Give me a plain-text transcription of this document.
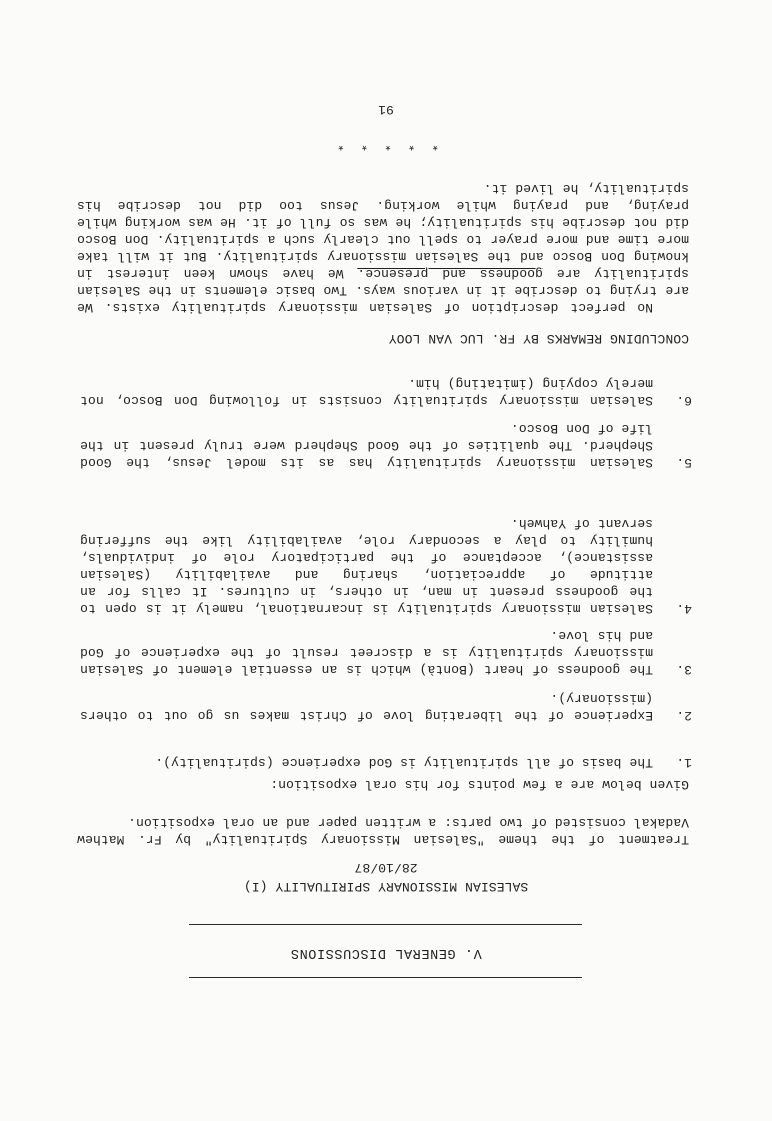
V. GENERAL DISCUSSIONS
SALESIAN MISSIONARY SPIRITUALITY (I)
28/10/87
Treatment of the theme "Salesian Missionary Spirituality" by Fr. Mathew Vadakal consisted of two parts: a written paper and an oral exposition.
Given below are a few points for his oral exposition:
1.
The basis of all spirituality is God experience (spirituality).
2.
Experience of the liberating love of Christ makes us go out to others (missionary).
3.
The goodness of heart (Bontà) which is an essential element of Salesian missionary spirituality is a discreet result of the experience of God and his love.
4.
Salesian missionary spirituality is incarnational, namely it is open to the goodness present in man, in others, in cultures. It calls for an attitude of appreciation, sharing and availability (Salesian assistance), acceptance of the participatory role of individuals, humility to play a secondary role, availability like the suffering servant of Yahweh.
5.
Salesian missionary spirituality has as its model Jesus, the Good Shepherd. The qualities of the Good Shepherd were truly present in the life of Don Bosco.
6.
Salesian missionary spirituality consists in following Don Bosco, not merely copying (imitating) him.
CONCLUDING REMARKS BY FR. LUC VAN LOOY
No perfect description of Salesian missionary spirituality exists. We are trying to describe it in various ways. Two basic elements in the Salesian spirituality are goodness and presence. We have shown keen interest in knowing Don Bosco and the Salesian missionary spirituality. But it will take more time and more prayer to spell out clearly such a spirituality. Don Bosco did not describe his spirituality; he was so full of it. He was working while praying, and praying while working. Jesus too did not describe his spirituality, he lived it.
* * * * *
91
